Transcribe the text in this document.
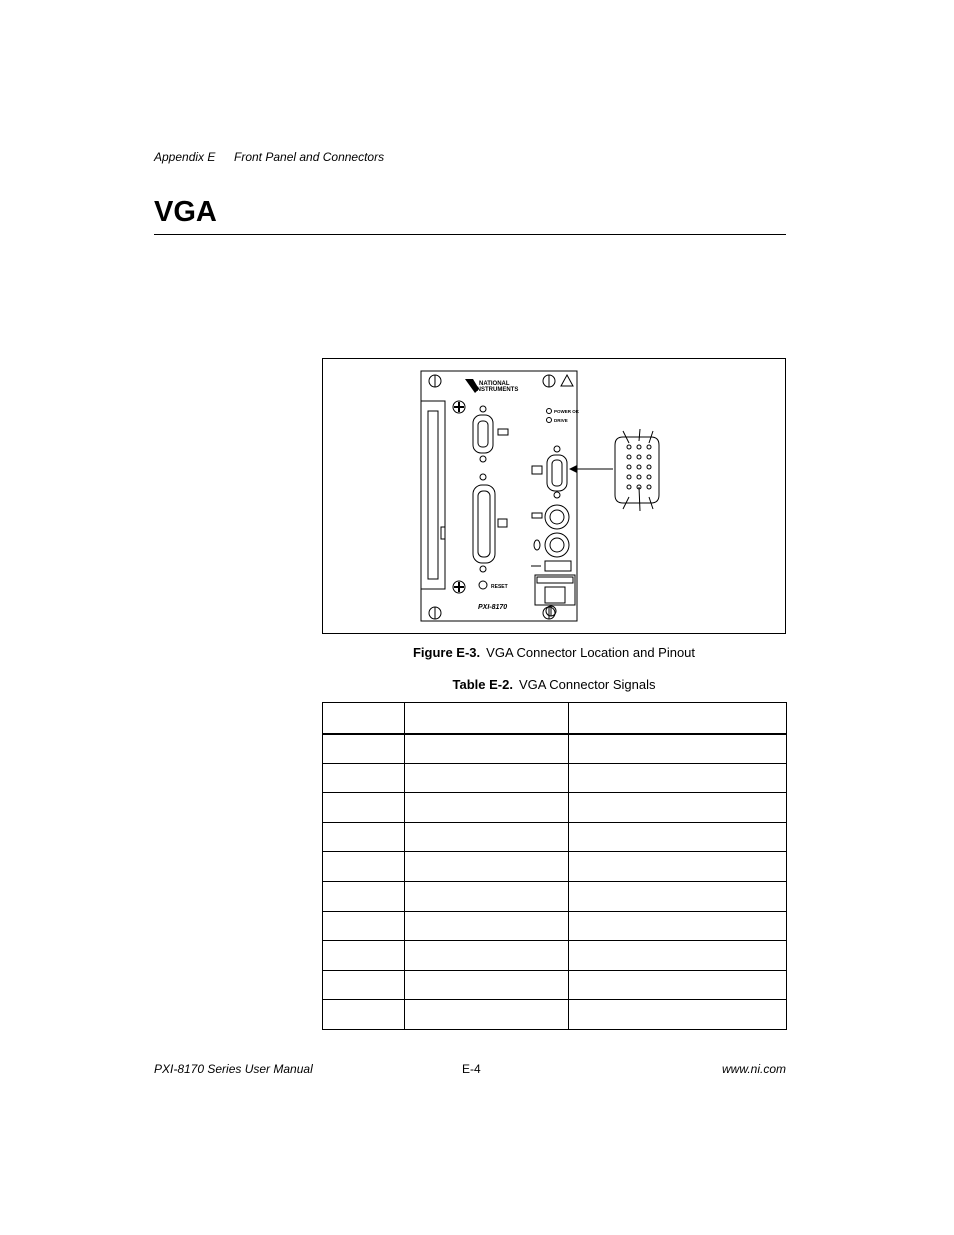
Appendix E Front Panel and Connectors
VGA
NATIONAL
INSTRUMENTS
RESET
POWER OK
DRIVE
PXI-8170
Figure E-3. VGA Connector Location and Pinout
Table E-2. VGA Connector Signals

PXI-8170 Series User Manual	E-4	www.ni.com
